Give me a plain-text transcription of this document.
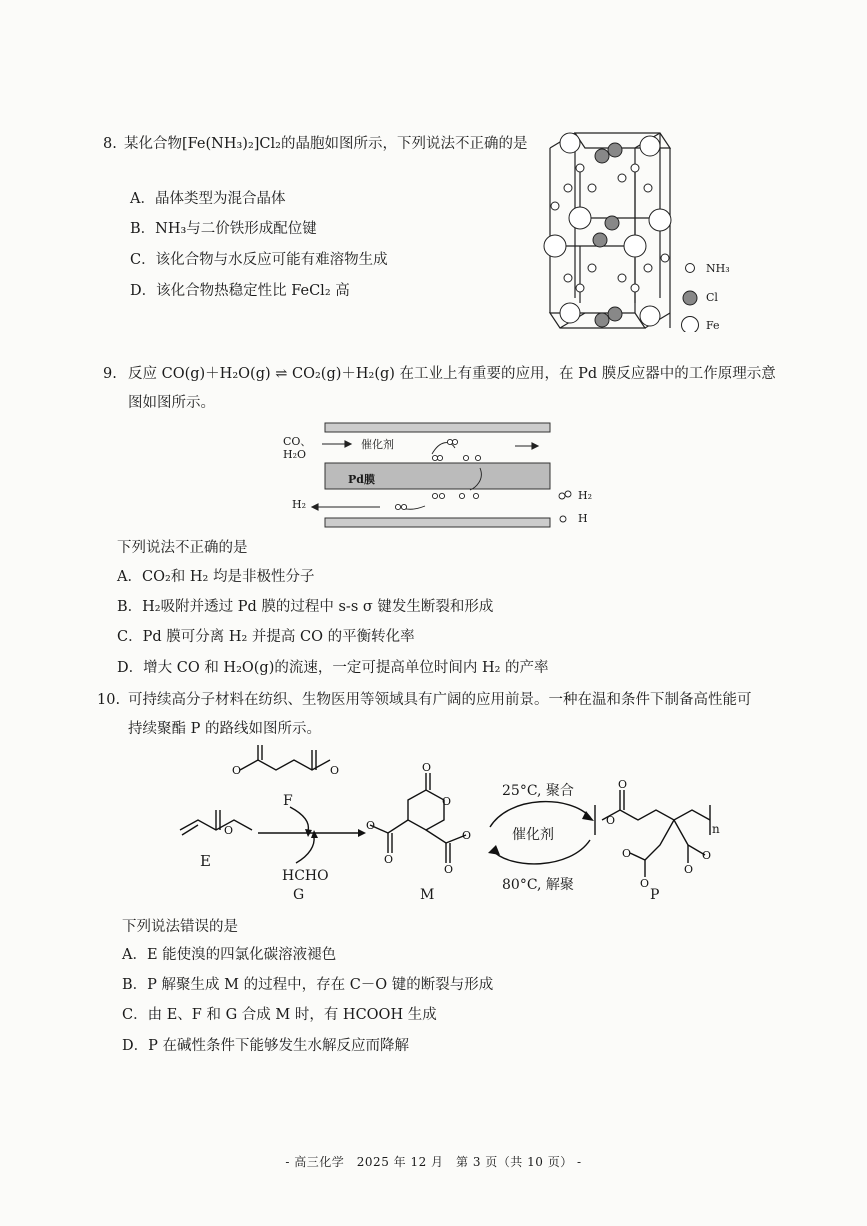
8. 某化合物[Fe(NH₃)₂]Cl₂的晶胞如图所示，下列说法不正确的是
A．晶体类型为混合晶体
B．NH₃与二价铁形成配位键
C．该化合物与水反应可能有难溶物生成
D．该化合物热稳定性比 FeCl₂ 高
NH₃
Cl
Fe
9. 反应 CO(g)＋H₂O(g) ⇌ CO₂(g)＋H₂(g) 在工业上有重要的应用，在 Pd 膜反应器中的工作原理示意
图如图所示。
CO、
H₂O
催化剂
Pd膜
H₂
H₂
H
下列说法不正确的是
A．CO₂和 H₂ 均是非极性分子
B．H₂吸附并透过 Pd 膜的过程中 s-s σ 键发生断裂和形成
C．Pd 膜可分离 H₂ 并提高 CO 的平衡转化率
D．增大 CO 和 H₂O(g)的流速，一定可提高单位时间内 H₂ 的产率
10. 可持续高分子材料在纺织、生物医用等领域具有广阔的应用前景。一种在温和条件下制备高性能可
持续聚酯 P 的路线如图所示。
O	O
O
O
O
O
O
O
O
O
O
O
O
O
O
F
E
HCHO
G	M
25°C, 聚合
催化剂
80°C, 解聚
n
P
下列说法错误的是
A．E 能使溴的四氯化碳溶液褪色
B．P 解聚生成 M 的过程中，存在 C－O 键的断裂与形成
C．由 E、F 和 G 合成 M 时，有 HCOOH 生成
D．P 在碱性条件下能够发生水解反应而降解
- 高三化学　2025 年 12 月　第 3 页（共 10 页） -
